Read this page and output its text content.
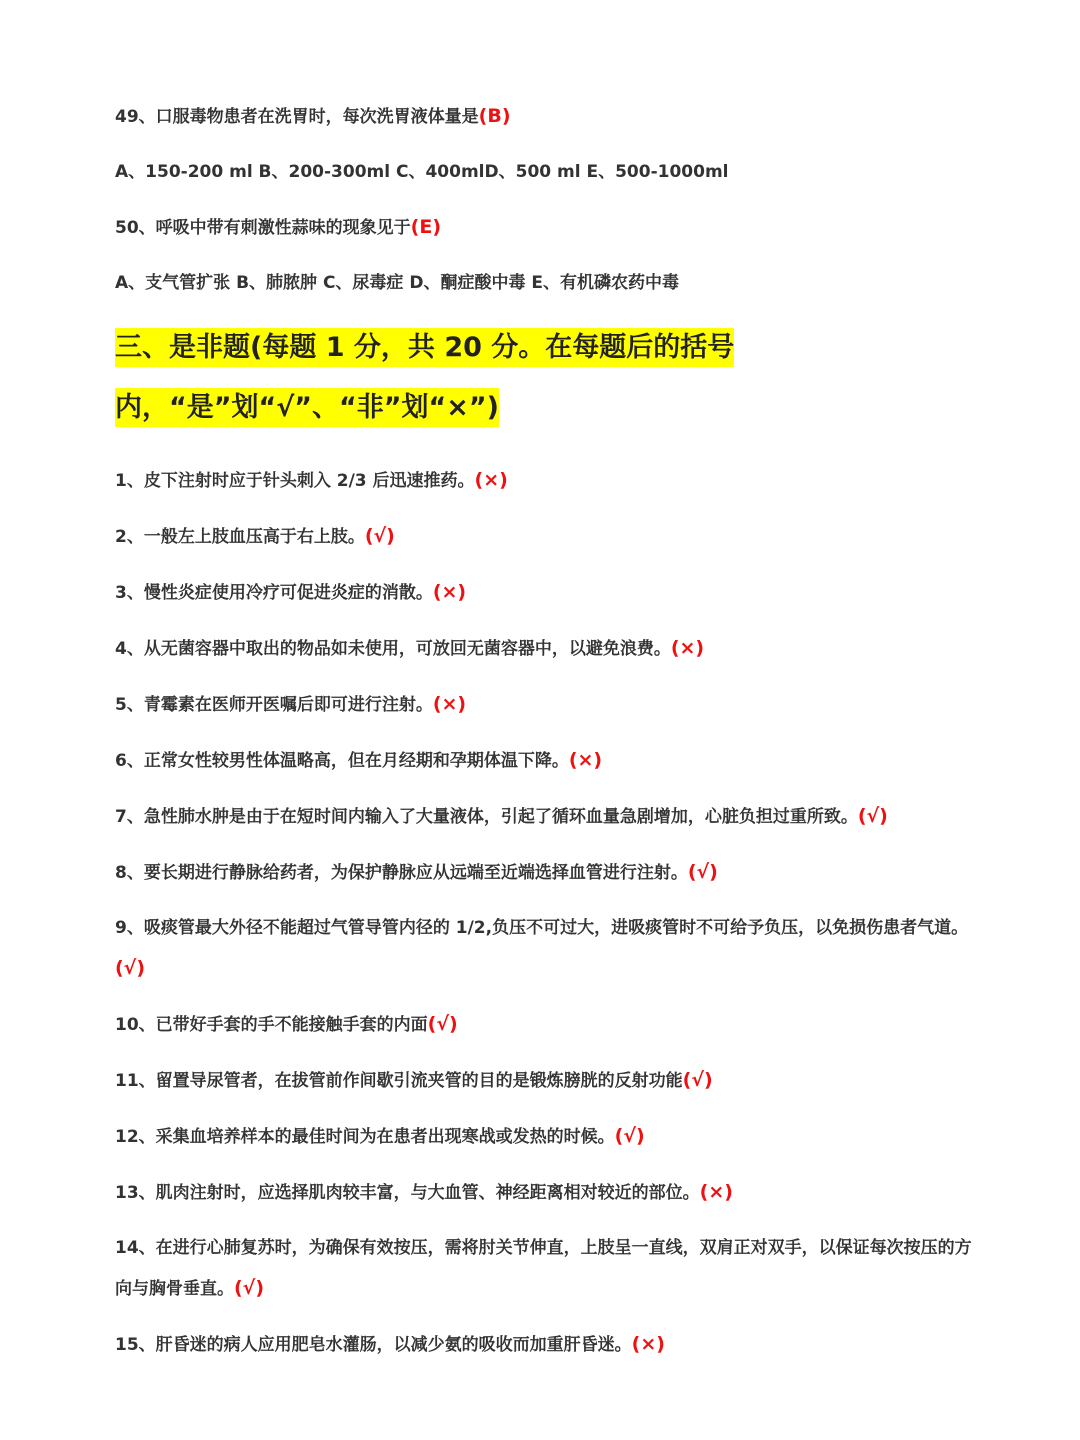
49、口服毒物患者在洗胃时，每次洗胃液体量是(B)
A、150-200 ml B、200-300ml C、400mlD、500 ml E、500-1000ml
50、呼吸中带有刺激性蒜味的现象见于(E)
A、支气管扩张 B、肺脓肿 C、尿毒症 D、酮症酸中毒 E、有机磷农药中毒
三、是非题(每题 1 分，共 20 分。在每题后的括号内，“是”划“√”、“非”划“×”)
1、皮下注射时应于针头刺入 2/3 后迅速推药。(×)
2、一般左上肢血压高于右上肢。(√)
3、慢性炎症使用冷疗可促进炎症的消散。(×)
4、从无菌容器中取出的物品如未使用，可放回无菌容器中，以避免浪费。(×)
5、青霉素在医师开医嘱后即可进行注射。(×)
6、正常女性较男性体温略高，但在月经期和孕期体温下降。(×)
7、急性肺水肿是由于在短时间内输入了大量液体，引起了循环血量急剧增加，心脏负担过重所致。(√)
8、要长期进行静脉给药者，为保护静脉应从远端至近端选择血管进行注射。(√)
9、吸痰管最大外径不能超过气管导管内径的 1/2,负压不可过大，进吸痰管时不可给予负压，以免损伤患者气道。(√)
10、已带好手套的手不能接触手套的内面(√)
11、留置导尿管者，在拔管前作间歇引流夹管的目的是锻炼膀胱的反射功能(√)
12、采集血培养样本的最佳时间为在患者出现寒战或发热的时候。(√)
13、肌肉注射时，应选择肌肉较丰富，与大血管、神经距离相对较近的部位。(×)
14、在进行心肺复苏时，为确保有效按压，需将肘关节伸直，上肢呈一直线，双肩正对双手，以保证每次按压的方向与胸骨垂直。(√)
15、肝昏迷的病人应用肥皂水灌肠，以减少氨的吸收而加重肝昏迷。(×)
